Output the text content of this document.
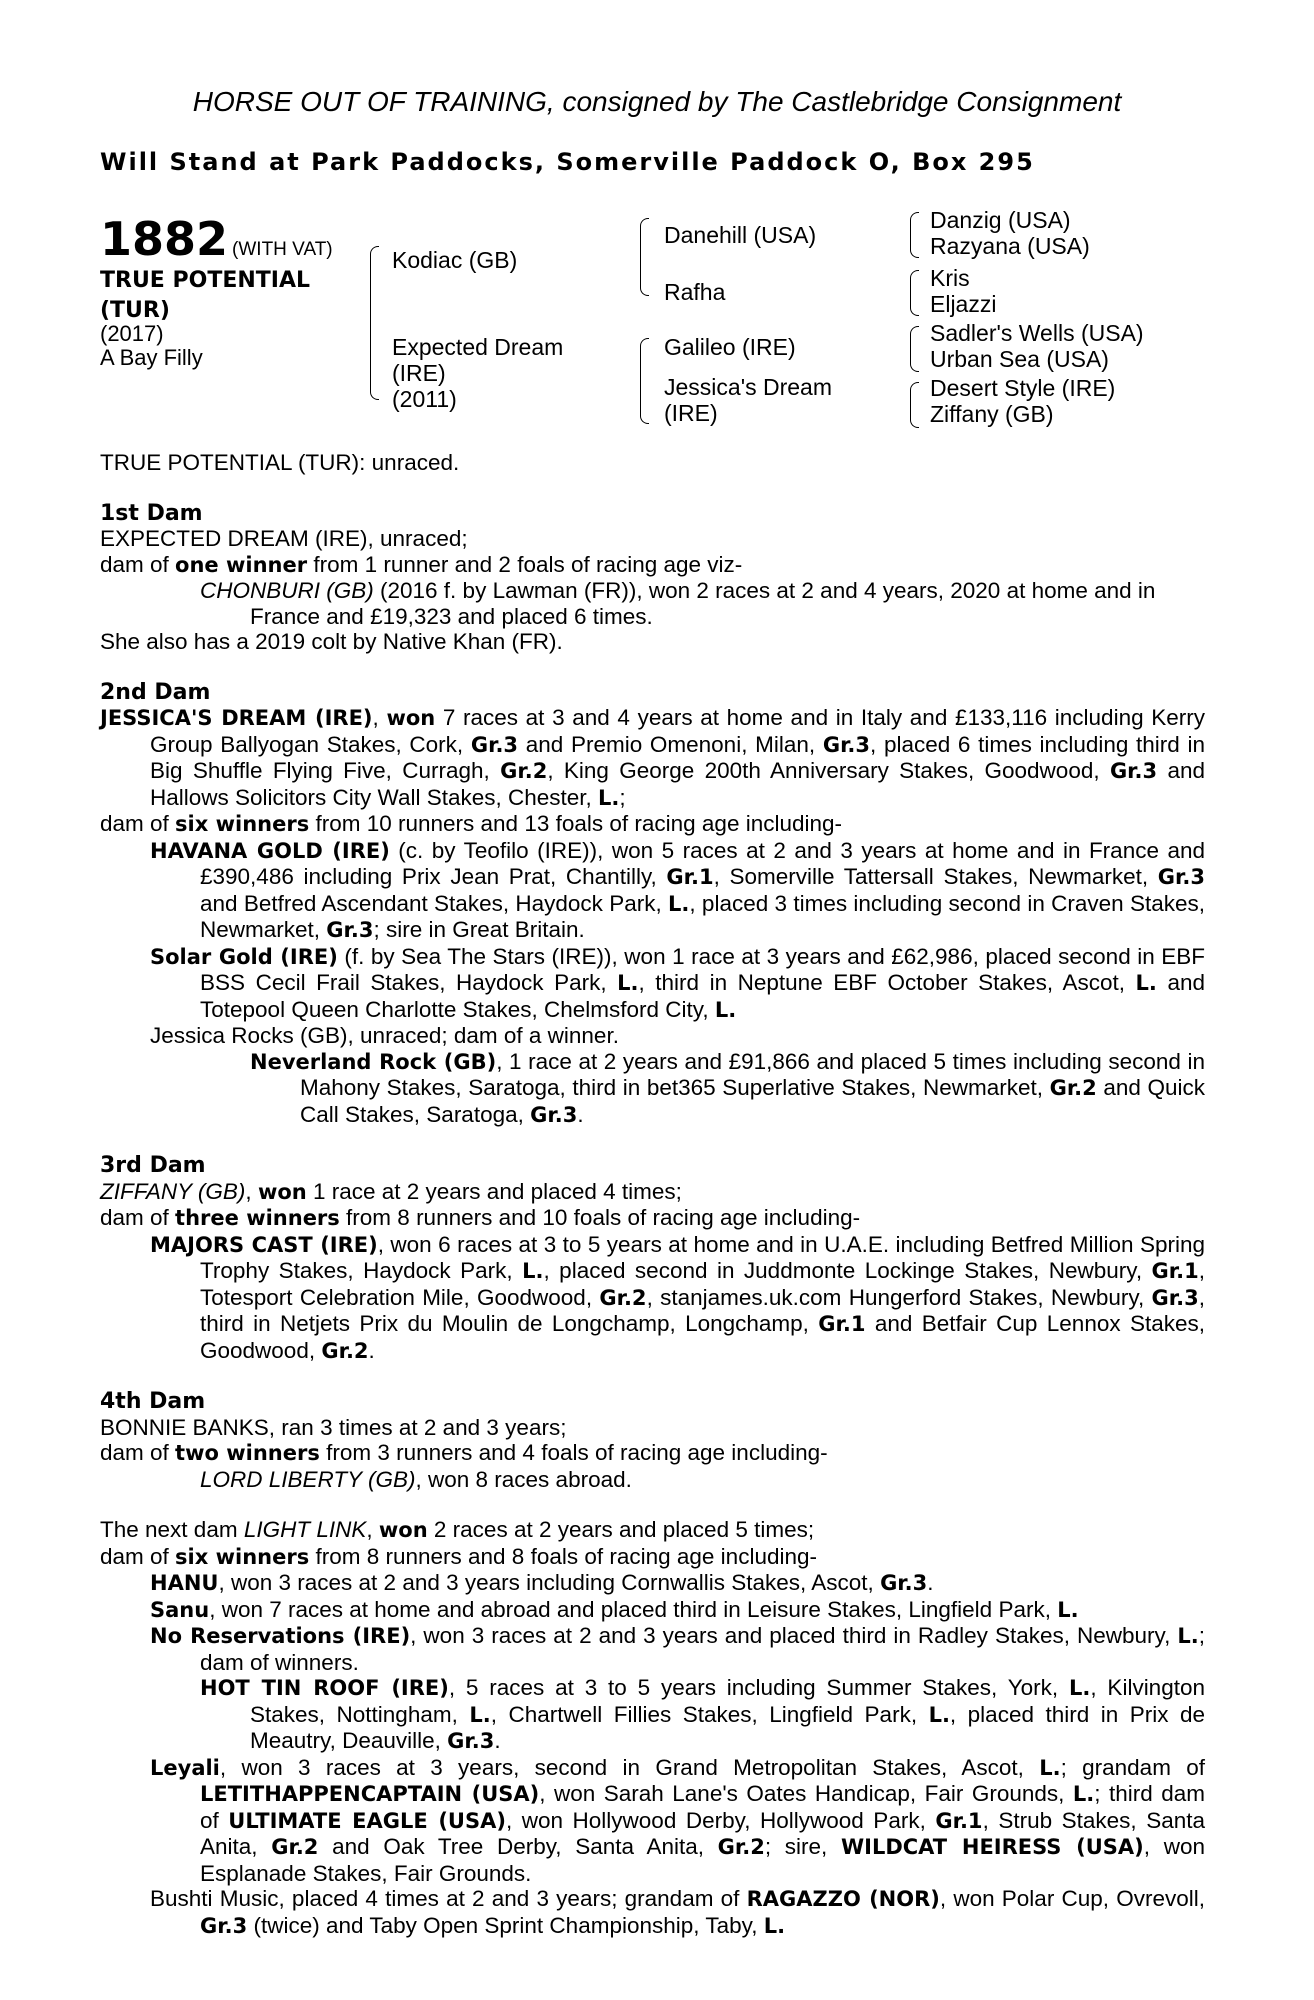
HORSE OUT OF TRAINING, consigned by The Castlebridge Consignment
Will Stand at Park Paddocks, Somerville Paddock O, Box 295
1882 (WITH VAT)
TRUE POTENTIAL (TUR)
(2017)
A Bay Filly
Kodiac (GB)
Expected Dream
(IRE)
(2011)
Danehill (USA)
Rafha
Galileo (IRE)
Jessica's Dream
(IRE)
Danzig (USA)
Razyana (USA)
Kris
Eljazzi
Sadler's Wells (USA)
Urban Sea (USA)
Desert Style (IRE)
Ziffany (GB)

TRUE POTENTIAL (TUR): unraced.

1st Dam

EXPECTED DREAM (IRE), unraced;

dam of one winner from 1 runner and 2 foals of racing age viz-

CHONBURI (GB) (2016 f. by Lawman (FR)), won 2 races at 2 and 4 years, 2020 at home and in France and £19,323 and placed 6 times.

She also has a 2019 colt by Native Khan (FR).

2nd Dam

JESSICA'S DREAM (IRE), won 7 races at 3 and 4 years at home and in Italy and £133,116 including Kerry Group Ballyogan Stakes, Cork, Gr.3 and Premio Omenoni, Milan, Gr.3, placed 6 times including third in Big Shuffle Flying Five, Curragh, Gr.2, King George 200th Anniversary Stakes, Goodwood, Gr.3 and Hallows Solicitors City Wall Stakes, Chester, L.;

dam of six winners from 10 runners and 13 foals of racing age including-

HAVANA GOLD (IRE) (c. by Teofilo (IRE)), won 5 races at 2 and 3 years at home and in France and £390,486 including Prix Jean Prat, Chantilly, Gr.1, Somerville Tattersall Stakes, Newmarket, Gr.3 and Betfred Ascendant Stakes, Haydock Park, L., placed 3 times including second in Craven Stakes, Newmarket, Gr.3; sire in Great Britain.

Solar Gold (IRE) (f. by Sea The Stars (IRE)), won 1 race at 3 years and £62,986, placed second in EBF BSS Cecil Frail Stakes, Haydock Park, L., third in Neptune EBF October Stakes, Ascot, L. and Totepool Queen Charlotte Stakes, Chelmsford City, L.

Jessica Rocks (GB), unraced; dam of a winner.

Neverland Rock (GB), 1 race at 2 years and £91,866 and placed 5 times including second in Mahony Stakes, Saratoga, third in bet365 Superlative Stakes, Newmarket, Gr.2 and Quick Call Stakes, Saratoga, Gr.3.

3rd Dam

ZIFFANY (GB), won 1 race at 2 years and placed 4 times;

dam of three winners from 8 runners and 10 foals of racing age including-

MAJORS CAST (IRE), won 6 races at 3 to 5 years at home and in U.A.E. including Betfred Million Spring Trophy Stakes, Haydock Park, L., placed second in Juddmonte Lockinge Stakes, Newbury, Gr.1, Totesport Celebration Mile, Goodwood, Gr.2, stanjames.uk.com Hungerford Stakes, Newbury, Gr.3, third in Netjets Prix du Moulin de Longchamp, Longchamp, Gr.1 and Betfair Cup Lennox Stakes, Goodwood, Gr.2.

4th Dam

BONNIE BANKS, ran 3 times at 2 and 3 years;

dam of two winners from 3 runners and 4 foals of racing age including-

LORD LIBERTY (GB), won 8 races abroad.

The next dam LIGHT LINK, won 2 races at 2 years and placed 5 times;

dam of six winners from 8 runners and 8 foals of racing age including-

HANU, won 3 races at 2 and 3 years including Cornwallis Stakes, Ascot, Gr.3.

Sanu, won 7 races at home and abroad and placed third in Leisure Stakes, Lingfield Park, L.

No Reservations (IRE), won 3 races at 2 and 3 years and placed third in Radley Stakes, Newbury, L.; dam of winners.

HOT TIN ROOF (IRE), 5 races at 3 to 5 years including Summer Stakes, York, L., Kilvington Stakes, Nottingham, L., Chartwell Fillies Stakes, Lingfield Park, L., placed third in Prix de Meautry, Deauville, Gr.3.

Leyali, won 3 races at 3 years, second in Grand Metropolitan Stakes, Ascot, L.; grandam of LETITHAPPENCAPTAIN (USA), won Sarah Lane's Oates Handicap, Fair Grounds, L.; third dam of ULTIMATE EAGLE (USA), won Hollywood Derby, Hollywood Park, Gr.1, Strub Stakes, Santa Anita, Gr.2 and Oak Tree Derby, Santa Anita, Gr.2; sire, WILDCAT HEIRESS (USA), won Esplanade Stakes, Fair Grounds.

Bushti Music, placed 4 times at 2 and 3 years; grandam of RAGAZZO (NOR), won Polar Cup, Ovrevoll, Gr.3 (twice) and Taby Open Sprint Championship, Taby, L.
